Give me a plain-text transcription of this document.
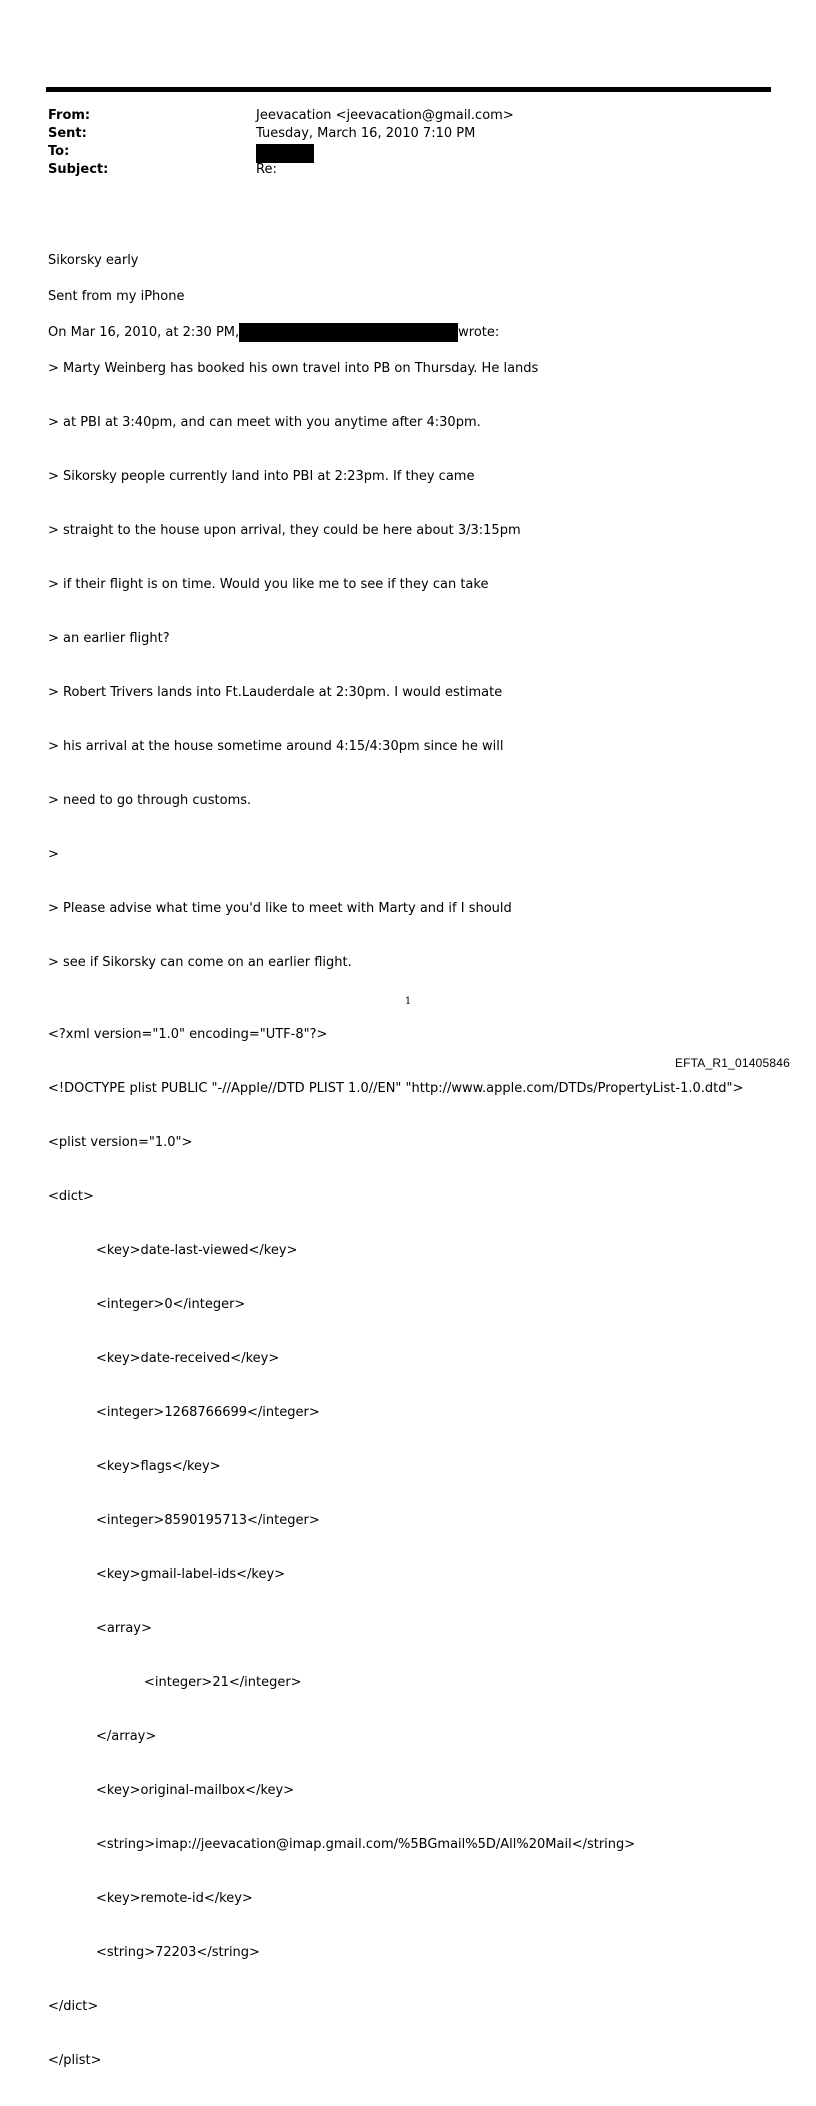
From:	Jeevacation <jeevacation@gmail.com>
Sent:	Tuesday, March 16, 2010 7:10 PM
To:
Subject:	Re:

Sikorsky early

Sent from my iPhone

On Mar 16, 2010, at 2:30 PM,	wrote:

> Marty Weinberg has booked his own travel into PB on Thursday. He lands

> at PBI at 3:40pm, and can meet with you anytime after 4:30pm.

> Sikorsky people currently land into PBI at 2:23pm. If they came

> straight to the house upon arrival, they could be here about 3/3:15pm

> if their flight is on time. Would you like me to see if they can take

> an earlier flight?

> Robert Trivers lands into Ft.Lauderdale at 2:30pm. I would estimate

> his arrival at the house sometime around 4:15/4:30pm since he will

> need to go through customs.

>

> Please advise what time you'd like to meet with Marty and if I should

> see if Sikorsky can come on an earlier flight.

<?xml version="1.0" encoding="UTF-8"?>

<!DOCTYPE plist PUBLIC "-//Apple//DTD PLIST 1.0//EN" "http://www.apple.com/DTDs/PropertyList-1.0.dtd">

<plist version="1.0">

<dict>

<key>date-last-viewed</key>

<integer>0</integer>

<key>date-received</key>

<integer>1268766699</integer>

<key>flags</key>

<integer>8590195713</integer>

<key>gmail-label-ids</key>

<array>

<integer>21</integer>

</array>

<key>original-mailbox</key>

<string>imap://jeevacation@imap.gmail.com/%5BGmail%5D/All%20Mail</string>

<key>remote-id</key>

<string>72203</string>

</dict>

</plist>

1
EFTA_R1_01405846
